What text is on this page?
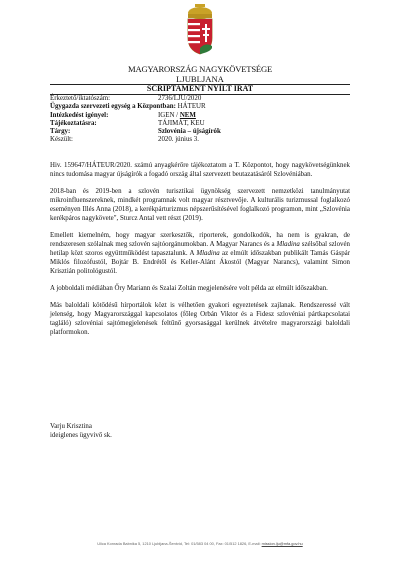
MAGYARORSZÁG NAGYKÖVETSÉGE
LJUBLJANA
SCRIPTAMENT NYÍLT IRAT
Érkeztető/iktatószám:	2736/LJU/2020
Ügygazda szervezeti egység a Központban:
HÁTEUR
Intézkedést igényel:	IGEN / NEM
Tájékoztatásra:	TÁJIMÁT, KEU
Tárgy:	Szlovénia – újságírók
Készült:	2020. június 3.

Hiv. 159647/HÁTEUR/2020. számú anyagkérőre tájékoztatom a T. Központot, hogy nagykövetségünknek nincs tudomása magyar újságírók a fogadó ország által szervezett beutazatásáról Szlovéniában.

2018-ban és 2019-ben a szlovén turisztikai ügynökség szervezett nemzetközi tanulmányutat mikroinfluenszereknek, mindkét programnak volt magyar résztvevője. A kulturális turizmussal foglalkozó eseményen Illés Anna (2018), a kerékpárturizmus népszerűsítésével foglalkozó programon, mint „Szlovénia kerékpáros nagykövete", Sturcz Antal vett részt (2019).

Emellett kiemelném, hogy magyar szerkesztők, riporterek, gondolkodók, ha nem is gyakran, de rendszeresen szólalnak meg szlovén sajtóorgánumokban. A Magyar Narancs és a Mladina szélsőbal szlovén hetilap közt szoros együttműködést tapasztalunk. A Mladina az elmúlt időszakban publikált Tamás Gáspár Miklós filozófustól, Bojtár B. Endrétől és Keller-Alánt Ákostól (Magyar Narancs), valamint Simon Krisztián politológustól.

A jobboldali médiában Őry Mariann és Szalai Zoltán megjelenésére volt példa az elmúlt időszakban.

Más baloldali kötődésű hírportálok közt is vélhetően gyakori egyeztetések zajlanak. Rendszeressé vált jelenség, hogy Magyarországgal kapcsolatos (főleg Orbán Viktor és a Fidesz szlovéniai pártkapcsolatai tagláló) szlovéniai sajtómegjelenések feltűnő gyorsasággal kerülnek átvételre magyarországi baloldali platformokon.

Varju Krisztina
ideiglenes ügyvivő sk.
Ulica Konrada Babnika 5, 1210 Ljubljana-Šentvid, Tel: 01/583 04 00, Fax: 01/512 1826, E-mail: mission.lju@mfa.gov.hu
